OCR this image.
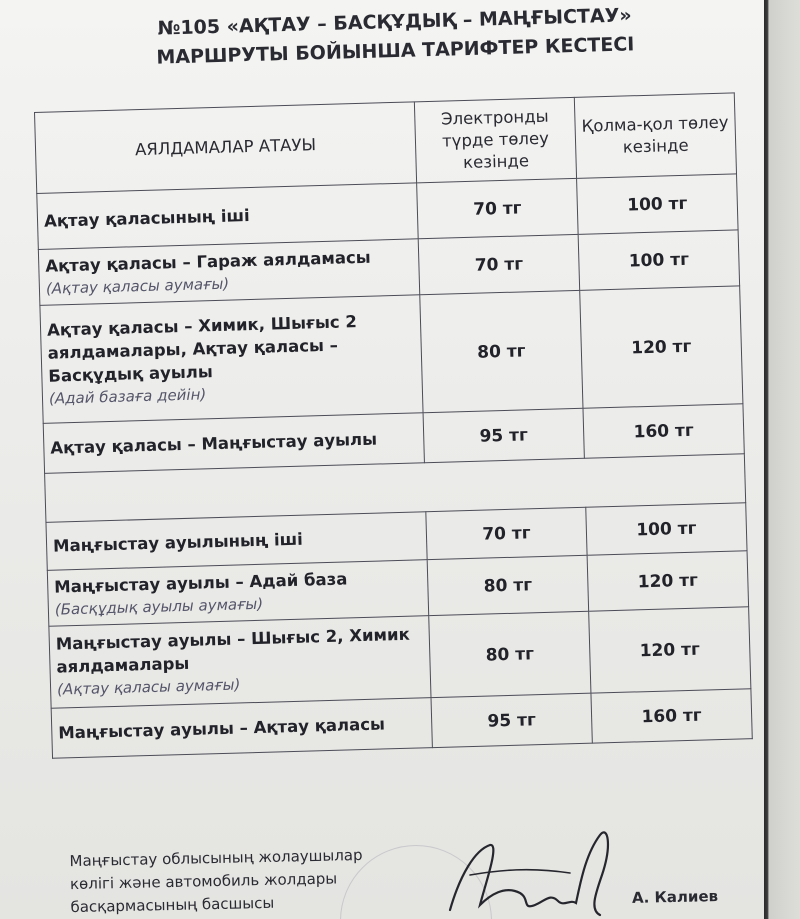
№105 «АҚТАУ – БАСҚҰДЫҚ – МАҢҒЫСТАУ»
МАРШРУТЫ БОЙЫНША ТАРИФТЕР КЕСТЕСІ
АЯЛДАМАЛАР АТАУЫ	Электронды түрде төлеу кезінде	Қолма-қол төлеу кезінде
Ақтау қаласының іші	70 тг	100 тг
Ақтау қаласы – Гараж аялдамасы
(Ақтау қаласы аумағы)	70 тг	100 тг
Ақтау қаласы – Химик, Шығыс 2 аялдамалары, Ақтау қаласы – Басқұдық ауылы
(Адай базаға дейін)	80 тг	120 тг
Ақтау қаласы – Маңғыстау ауылы	95 тг	160 тг

Маңғыстау ауылының іші	70 тг	100 тг
Маңғыстау ауылы – Адай база
(Басқұдық ауылы аумағы)	80 тг	120 тг
Маңғыстау ауылы – Шығыс 2, Химик аялдамалары
(Ақтау қаласы аумағы)	80 тг	120 тг
Маңғыстау ауылы – Ақтау қаласы	95 тг	160 тг
Маңғыстау облысының жолаушылар
көлігі және автомобиль жолдары
басқармасының басшысы	А. Калиев
